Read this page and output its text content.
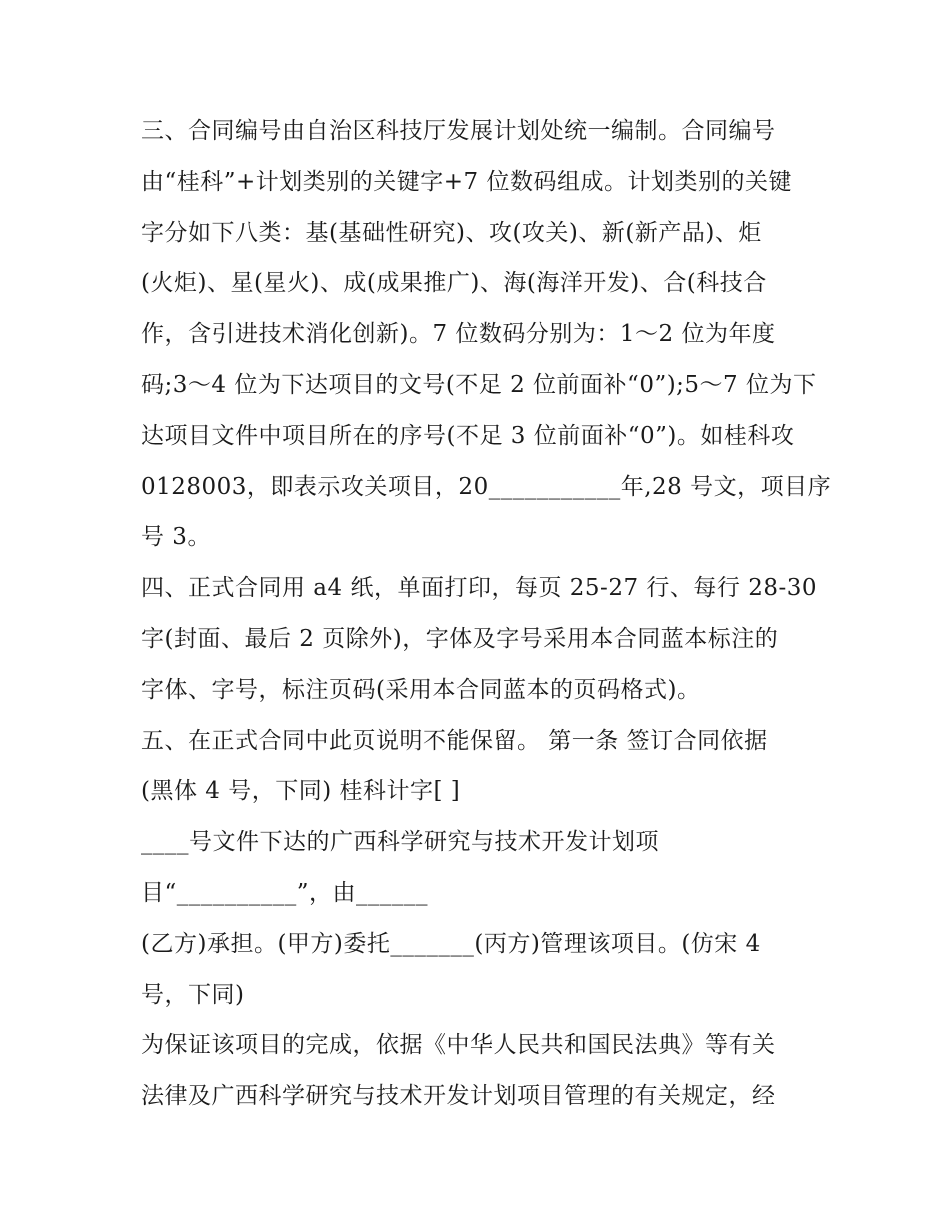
三、合同编号由自治区科技厅发展计划处统一编制。合同编号
由“桂科”+计划类别的关键字+7 位数码组成。计划类别的关键
字分如下八类：基(基础性研究)、攻(攻关)、新(新产品)、炬
(火炬)、星(星火)、成(成果推广)、海(海洋开发)、合(科技合
作，含引进技术消化创新)。7 位数码分别为：1～2 位为年度
码;3～4 位为下达项目的文号(不足 2 位前面补“0”);5～7 位为下
达项目文件中项目所在的序号(不足 3 位前面补“0”)。如桂科攻
0128003，即表示攻关项目，20___________年,28 号文，项目序
号 3。
四、正式合同用 a4 纸，单面打印，每页 25-27 行、每行 28-30
字(封面、最后 2 页除外)，字体及字号采用本合同蓝本标注的
字体、字号，标注页码(采用本合同蓝本的页码格式)。
五、在正式合同中此页说明不能保留。 第一条 签订合同依据
(黑体 4 号，下同) 桂科计字[ ]
____号文件下达的广西科学研究与技术开发计划项
目“__________”，由______
(乙方)承担。(甲方)委托_______(丙方)管理该项目。(仿宋 4
号，下同)
为保证该项目的完成，依据《中华人民共和国民法典》等有关
法律及广西科学研究与技术开发计划项目管理的有关规定，经
